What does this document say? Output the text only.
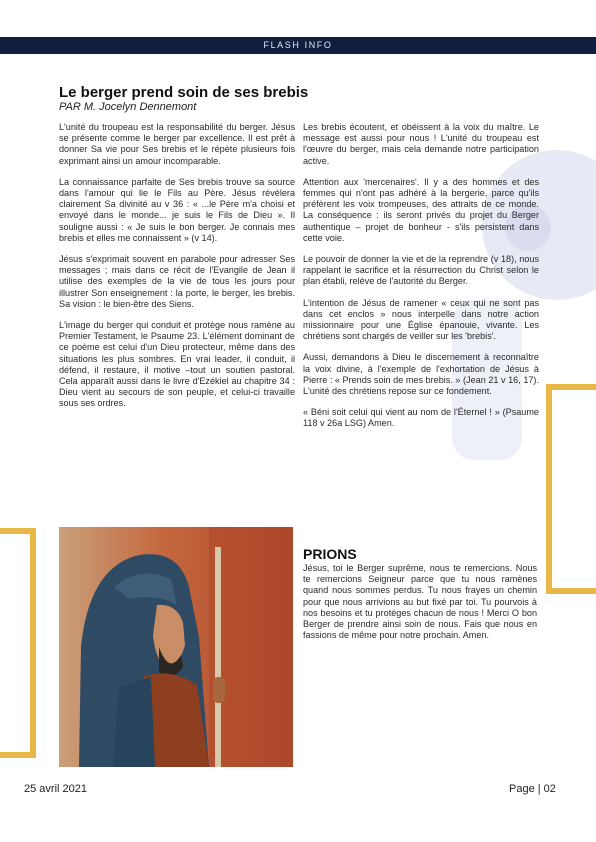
FLASH INFO
Le berger prend soin de ses brebis
PAR M. Jocelyn Dennemont

L'unité du troupeau est la responsabilité du berger. Jésus se présente comme le berger par excellence. Il est prêt à donner Sa vie pour Ses brebis et le répète plusieurs fois exprimant ainsi un amour incomparable.

La connaissance parfaite de Ses brebis trouve sa source dans l'amour qui lie le Fils au Père. Jésus révèlera clairement Sa divinité au v 36 : « ...le Père m'a choisi et envoyé dans le monde... je suis le Fils de Dieu ». Il souligne aussi : « Je suis le bon berger. Je connais mes brebis et elles me connaissent » (v 14).

Jésus s'exprimait souvent en parabole pour adresser Ses messages ; mais dans ce récit de l'Evangile de Jean il utilise des exemples de la vie de tous les jours pour illustrer Son enseignement : la porte, le berger, les brebis. Sa vision : le bien-être des Siens.

L'image du berger qui conduit et protège nous ramène au Premier Testament, le Psaume 23. L'élément dominant de ce poème est celui d'un Dieu protecteur, même dans des situations les plus sombres. En vrai leader, il conduit, il défend, il restaure, il motive –tout un soutien pastoral. Cela apparaît aussi dans le livre d'Ezékiel au chapitre 34 : Dieu vient au secours de son peuple, et celui-ci travaille sous ses ordres.

Les brebis écoutent, et obéissent à la voix du maître. Le message est aussi pour nous ! L'unité du troupeau est l'œuvre du berger, mais cela demande notre participation active.

Attention aux 'mercenaires'. Il y a des hommes et des femmes qui n'ont pas adhéré à la bergerie, parce qu'ils préfèrent les voix trompeuses, des attraits de ce monde. La conséquence : ils seront privés du projet du Berger authentique – projet de bonheur - s'ils persistent dans cette voie.

Le pouvoir de donner la vie et de la reprendre (v 18), nous rappelant le sacrifice et la résurrection du Christ selon le plan établi, relève de l'autorité du Berger.

L'intention de Jésus de ramener « ceux qui ne sont pas dans cet enclos » nous interpelle dans notre action missionnaire pour une Église épanouie, vivante. Les chrétiens sont chargés de veiller sur les 'brebis'.

Aussi, demandons à Dieu le discernement à reconnaître la voix divine, à l'exemple de l'exhortation de Jésus à Pierre : « Prends soin de mes brebis. » (Jean 21 v 16, 17). L'unité des chrétiens repose sur ce fondement.

« Béni soit celui qui vient au nom de l'Éternel ! » (Psaume 118 v 26a LSG) Amen.

PRIONS
Jésus, toi le Berger suprême, nous te remercions. Nous te remercions Seigneur parce que tu nous ramènes quand nous sommes perdus. Tu nous frayes un chemin pour que nous arrivions au but fixé par toi. Tu pourvois à nos besoins et tu protèges chacun de nous ! Merci O bon Berger de prendre ainsi soin de nous. Fais que nous en fassions de même pour notre prochain. Amen.
25 avril 2021	Page | 02
